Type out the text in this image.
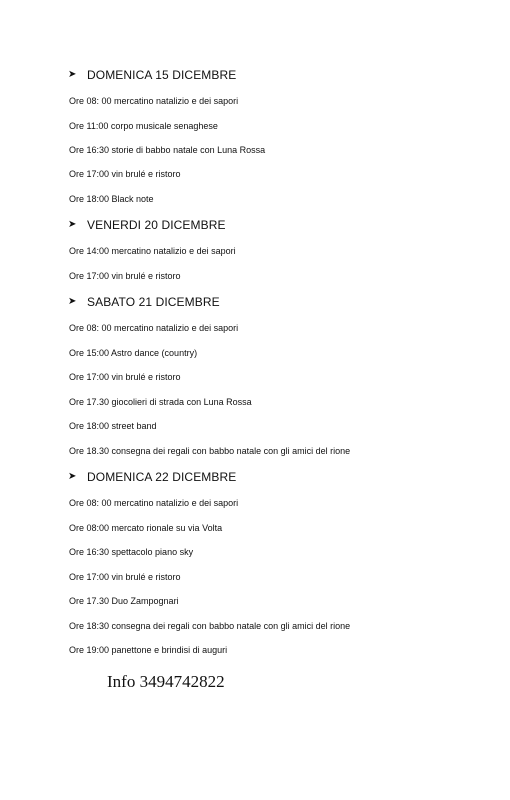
➤ DOMENICA 15 DICEMBRE
Ore 08: 00 mercatino natalizio e dei sapori
Ore 11:00 corpo musicale senaghese
Ore 16:30 storie di babbo natale con Luna Rossa
Ore 17:00 vin brulé e ristoro
Ore 18:00 Black note
➤ VENERDI 20 DICEMBRE
Ore 14:00 mercatino natalizio e dei sapori
Ore 17:00 vin brulé e ristoro
➤ SABATO 21 DICEMBRE
Ore 08: 00 mercatino natalizio e dei sapori
Ore 15:00 Astro dance (country)
Ore 17:00 vin brulé e ristoro
Ore 17.30 giocolieri di strada con Luna Rossa
Ore 18:00 street band
Ore 18.30 consegna dei regali con babbo natale con gli amici del rione
➤ DOMENICA 22 DICEMBRE
Ore 08: 00 mercatino natalizio e dei sapori
Ore 08:00 mercato rionale su via Volta
Ore 16:30 spettacolo piano sky
Ore 17:00 vin brulé e ristoro
Ore 17.30 Duo Zampognari
Ore 18:30 consegna dei regali con babbo natale con gli amici del rione
Ore 19:00 panettone e brindisi di auguri
Info 3494742822
